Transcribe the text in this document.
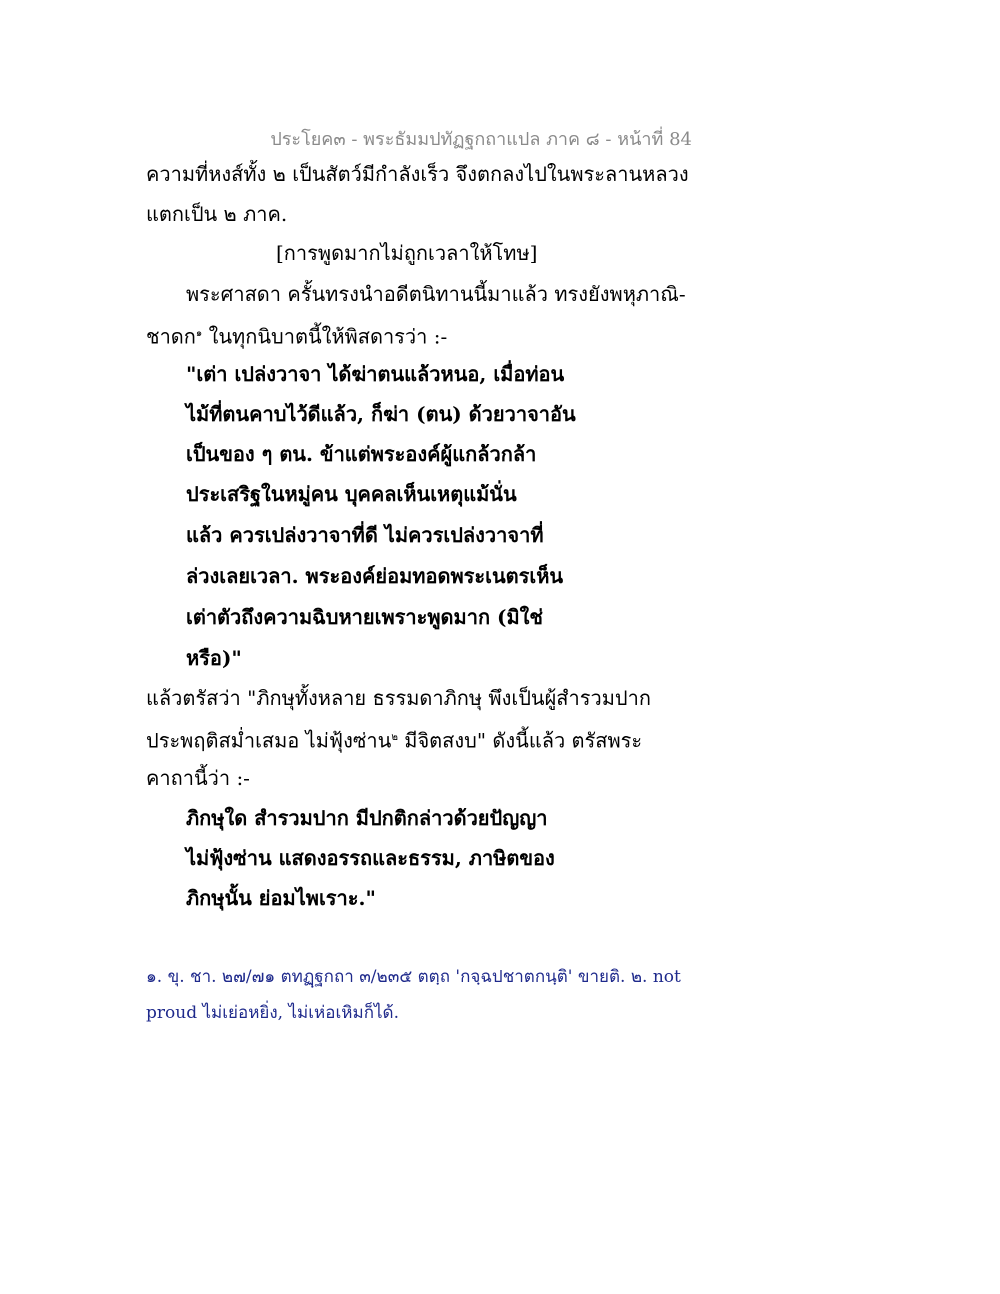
ประโยค๓ - พระธัมมปทัฏฐกถาแปล ภาค ๘ - หน้าที่ 84
ความที่หงส์ทั้ง ๒ เป็นสัตว์มีกำลังเร็ว จึงตกลงไปในพระลานหลวง
แตกเป็น ๒ ภาค.
[การพูดมากไม่ถูกเวลาให้โทษ]
พระศาสดา ครั้นทรงนำอดีตนิทานนี้มาแล้ว ทรงยังพหุภาณิ-
ชาดก$^๑$ ในทุกนิบาตนี้ให้พิสดารว่า :-
"เต่า เปล่งวาจา ได้ฆ่าตนแล้วหนอ, เมื่อท่อน
ไม้ที่ตนคาบไว้ดีแล้ว, ก็ฆ่า (ตน) ด้วยวาจาอัน
เป็นของ ๆ ตน. ข้าแต่พระองค์ผู้แกล้วกล้า
ประเสริฐในหมู่คน บุคคลเห็นเหตุแม้นั่น
แล้ว ควรเปล่งวาจาที่ดี ไม่ควรเปล่งวาจาที่
ล่วงเลยเวลา. พระองค์ย่อมทอดพระเนตรเห็น
เต่าตัวถึงความฉิบหายเพราะพูดมาก (มิใช่
หรือ)"
แล้วตรัสว่า "ภิกษุทั้งหลาย ธรรมดาภิกษุ พึงเป็นผู้สำรวมปาก
ประพฤติสม่ำเสมอ ไม่ฟุ้งซ่าน$^๒$ มีจิตสงบ" ดังนี้แล้ว ตรัสพระ
คาถานี้ว่า :-
ภิกษุใด สำรวมปาก มีปกติกล่าวด้วยปัญญา
ไม่ฟุ้งซ่าน แสดงอรรถและธรรม, ภาษิตของ
ภิกษุนั้น ย่อมไพเราะ."
๑. ขุ. ชา. ๒๗/๗๑ ตทฏฺฐกถา ๓/๒๓๕ ตตฺถ 'กจฺฉปชาตกนฺติ' ขายติ. ๒. not
proud ไม่เย่อหยิ่ง, ไม่เห่อเหิมก็ได้.
